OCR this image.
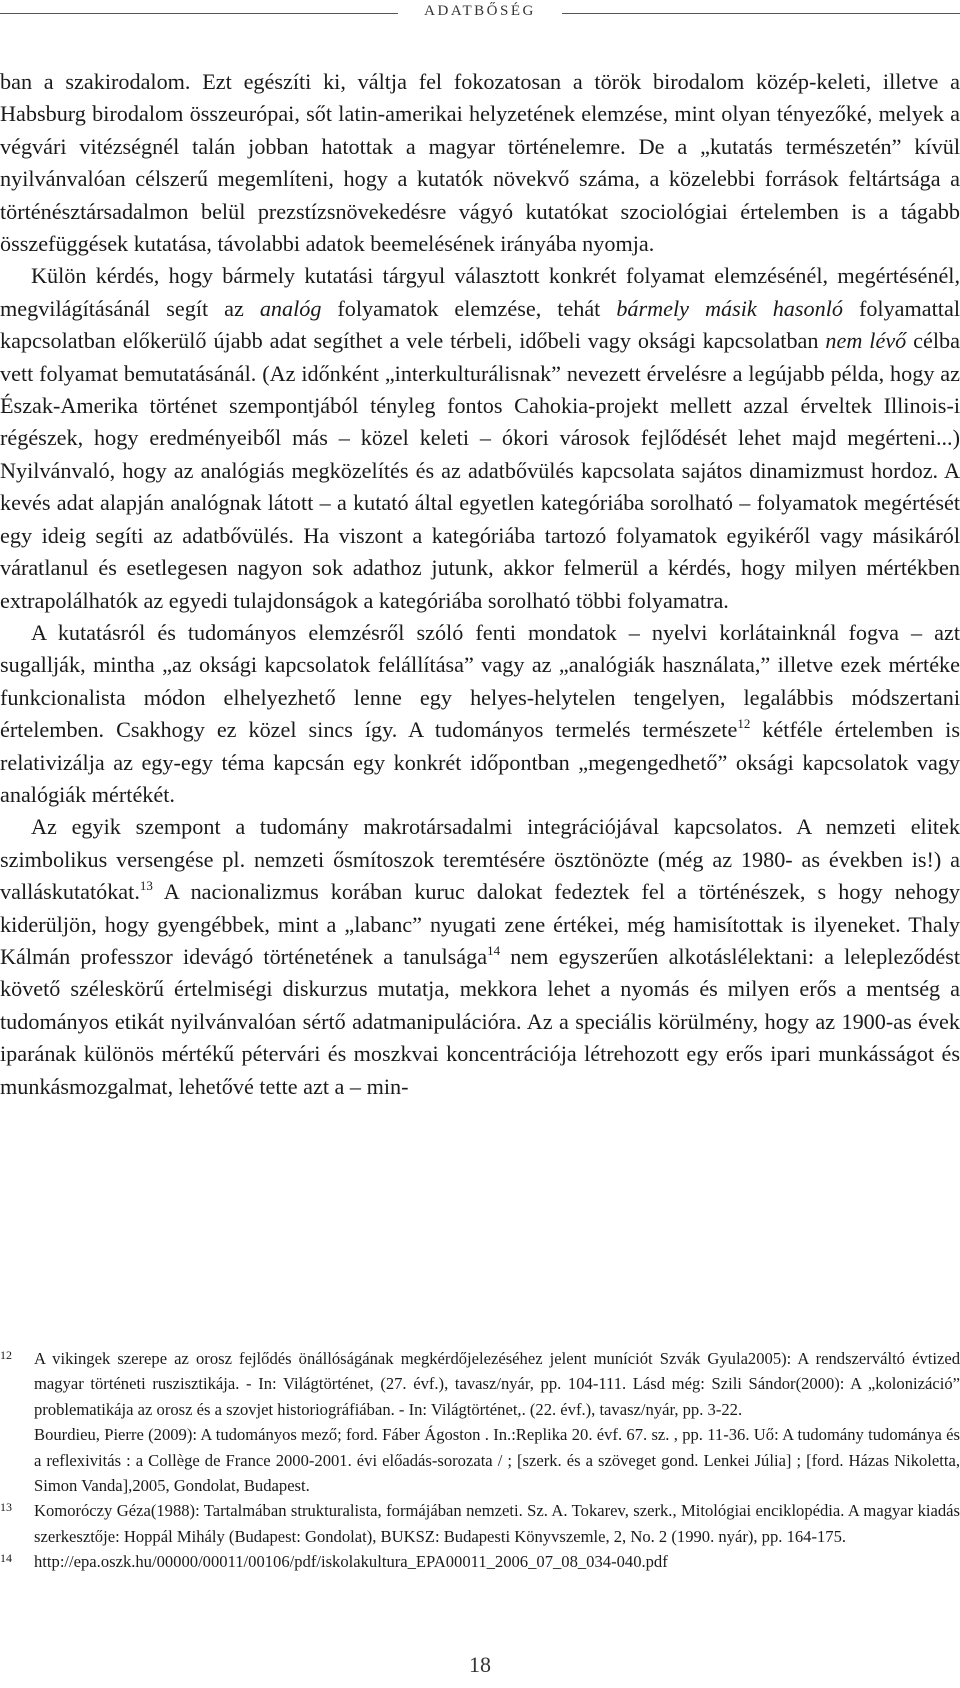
ADATBŐSÉG

ban a szakirodalom. Ezt egészíti ki, váltja fel fokozatosan a török birodalom közép-keleti, illetve a Habsburg birodalom összeurópai, sőt latin-amerikai helyzetének elemzése, mint olyan tényezőké, melyek a végvári vitézségnél talán jobban hatottak a magyar történelemre. De a „kutatás természetén” kívül nyilvánvalóan célszerű megemlíteni, hogy a kutatók növekvő száma, a közelebbi források feltártsága a történésztársadalmon belül prezstízsnövekedésre vágyó kutatókat szociológiai értelemben is a tágabb összefüggések kutatása, távolabbi adatok beemelésének irányába nyomja.

Külön kérdés, hogy bármely kutatási tárgyul választott konkrét folyamat elemzésénél, megértésénél, megvilágításánál segít az analóg folyamatok elemzése, tehát bármely másik hasonló folyamattal kapcsolatban előkerülő újabb adat segíthet a vele térbeli, időbeli vagy oksági kapcsolatban nem lévő célba vett folyamat bemutatásánál. (Az időnként „interkulturálisnak” nevezett érvelésre a legújabb példa, hogy az Észak-Amerika történet szempontjából tényleg fontos Cahokia-projekt mellett azzal érveltek Illinois-i régészek, hogy eredményeiből más – közel keleti – ókori városok fejlődését lehet majd megérteni...) Nyilvánvaló, hogy az analógiás megközelítés és az adatbővülés kapcsolata sajátos dinamizmust hordoz. A kevés adat alapján analógnak látott – a kutató által egyetlen kategóriába sorolható – folyamatok megértését egy ideig segíti az adatbővülés. Ha viszont a kategóriába tartozó folyamatok egyikéről vagy másikáról váratlanul és esetlegesen nagyon sok adathoz jutunk, akkor felmerül a kérdés, hogy milyen mértékben extrapolálhatók az egyedi tulajdonságok a kategóriába sorolható többi folyamatra.

A kutatásról és tudományos elemzésről szóló fenti mondatok – nyelvi korlátainknál fogva – azt sugallják, mintha „az oksági kapcsolatok felállítása” vagy az „analógiák használata,” illetve ezek mértéke funkcionalista módon elhelyezhető lenne egy helyes-helytelen tengelyen, legalábbis módszertani értelemben. Csakhogy ez közel sincs így. A tudományos termelés természete$^{12}$ kétféle értelemben is relativizálja az egy-egy téma kapcsán egy konkrét időpontban „megengedhető” oksági kapcsolatok vagy analógiák mértékét.

Az egyik szempont a tudomány makrotársadalmi integrációjával kapcsolatos. A nemzeti elitek szimbolikus versengése pl. nemzeti ősmítoszok teremtésére ösztönözte (még az 1980- as években is!) a valláskutatókat.$^{13}$ A nacionalizmus korában kuruc dalokat fedeztek fel a történészek, s hogy nehogy kiderüljön, hogy gyengébbek, mint a „labanc” nyugati zene értékei, még hamisítottak is ilyeneket. Thaly Kálmán professzor idevágó történetének a tanulsága$^{14}$ nem egyszerűen alkotáslélektani: a lelepleződést követő széleskörű értelmiségi diskurzus mutatja, mekkora lehet a nyomás és milyen erős a mentség a tudományos etikát nyilvánvalóan sértő adatmanipulációra. Az a speciális körülmény, hogy az 1900-as évek iparának különös mértékű pétervári és moszkvai koncentrációja létrehozott egy erős ipari munkásságot és munkásmozgalmat, lehetővé tette azt a – min-

12 A vikingek szerepe az orosz fejlődés önállóságának megkérdőjelezéséhez jelent muníciót Szvák Gyula2005): A rendszerváltó évtized magyar történeti ruszisztikája. - In: Világtörténet, (27. évf.), tavasz/nyár, pp. 104-111. Lásd még: Szili Sándor(2000): A „kolonizáció” problematikája az orosz és a szovjet historiográfiában. - In: Világtörténet,. (22. évf.), tavasz/nyár, pp. 3-22.

Bourdieu, Pierre (2009): A tudományos mező; ford. Fáber Ágoston . In.:Replika 20. évf. 67. sz. , pp. 11-36. Uő: A tudomány tudománya és a reflexivitás : a Collège de France 2000-2001. évi előadás-sorozata / ; [szerk. és a szöveget gond. Lenkei Júlia] ; [ford. Házas Nikoletta, Simon Vanda],2005, Gondolat, Budapest.

13 Komoróczy Géza(1988): Tartalmában strukturalista, formájában nemzeti. Sz. A. Tokarev, szerk., Mitológiai enciklopédia. A magyar kiadás szerkesztője: Hoppál Mihály (Budapest: Gondolat), BUKSZ: Budapesti Könyvszemle, 2, No. 2 (1990. nyár), pp. 164-175.

14 http://epa.oszk.hu/00000/00011/00106/pdf/iskolakultura_EPA00011_2006_07_08_034-040.pdf

18
